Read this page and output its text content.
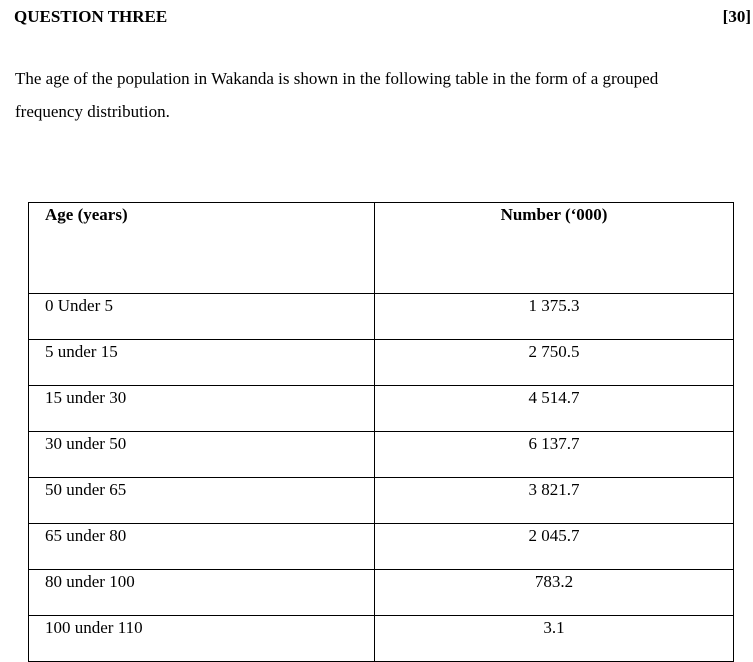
QUESTION THREE	[30]
The age of the population in Wakanda is shown in the following table in the form of a grouped
frequency distribution.
Age (years)	Number (‘000)
0 Under 5	1 375.3
5 under 15	2 750.5
15 under 30	4 514.7
30 under 50	6 137.7
50 under 65	3 821.7
65 under 80	2 045.7
80 under 100	783.2
100 under 110	3.1
